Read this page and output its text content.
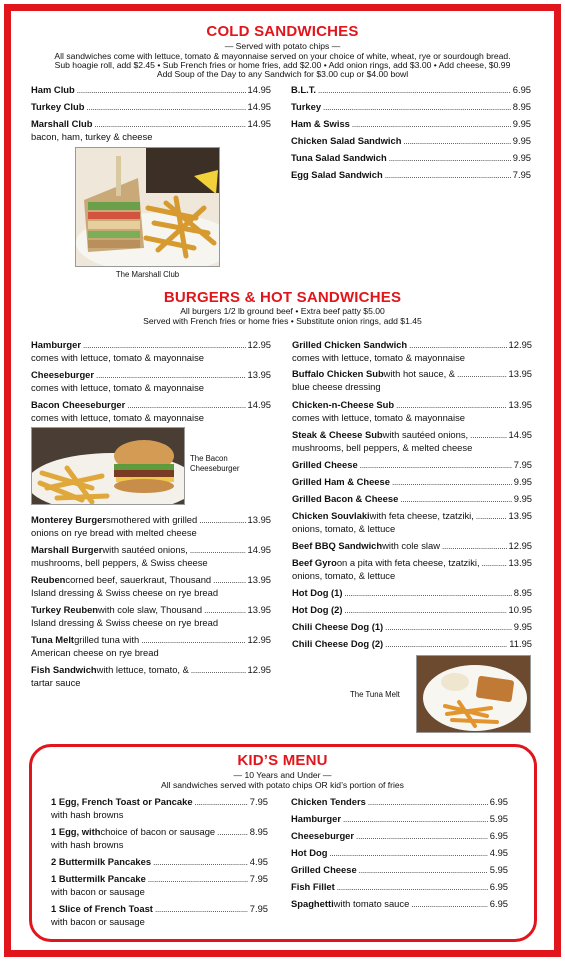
COLD SANDWICHES
— Served with potato chips —
All sandwiches come with lettuce, tomato & mayonnaise served on your choice of white, wheat, rye or sourdough bread.
Sub hoagie roll, add $2.45 • Sub French fries or home fries, add $2.00 • Add onion rings, add $3.00 • Add cheese, $0.99
Add Soup of the Day to any Sandwich for $3.00 cup or $4.00 bowl
Ham Club . . .	14.95
Turkey Club . . .	14.95
Marshall Club . . .	14.95
bacon, ham, turkey & cheese
The Marshall Club
B.L.T. . . .	6.95
Turkey . . .	8.95
Ham & Swiss . . .	9.95
Chicken Salad Sandwich . . .	9.95
Tuna Salad Sandwich . . .	9.95
Egg Salad Sandwich . . .	7.95
BURGERS & HOT SANDWICHES
All burgers 1/2 lb ground beef • Extra beef patty $5.00
Served with French fries or home fries • Substitute onion rings, add $1.45
Hamburger . . .	12.95
comes with lettuce, tomato & mayonnaise
Cheeseburger . . .	13.95
comes with lettuce, tomato & mayonnaise
Bacon Cheeseburger . . .	14.95
comes with lettuce, tomato & mayonnaise
The Bacon
Cheeseburger
Monterey Burger smothered with grilled . . .	13.95
onions on rye bread with melted cheese
Marshall Burger with sautéed onions, . . .	14.95
mushrooms, bell peppers, & Swiss cheese
Reuben corned beef, sauerkraut, Thousand . . .	13.95
Island dressing & Swiss cheese on rye bread
Turkey Reuben with cole slaw, Thousand . . .	13.95
Island dressing & Swiss cheese on rye bread
Tuna Melt grilled tuna with . . .	12.95
American cheese on rye bread
Fish Sandwich with lettuce, tomato, & . . .	12.95
tartar sauce
Grilled Chicken Sandwich . . .	12.95
comes with lettuce, tomato & mayonnaise
Buffalo Chicken Sub with hot sauce, & . . .	13.95
blue cheese dressing
Chicken-n-Cheese Sub . . .	13.95
comes with lettuce, tomato & mayonnaise
Steak & Cheese Sub with sautéed onions, . . .	14.95
mushrooms, bell peppers, & melted cheese
Grilled Cheese . . .	7.95
Grilled Ham & Cheese . . .	9.95
Grilled Bacon & Cheese . . .	9.95
Chicken Souvlaki with feta cheese, tzatziki, . . .	13.95
onions, tomato, & lettuce
Beef BBQ Sandwich with cole slaw . . .	12.95
Beef Gyro on a pita with feta cheese, tzatziki, . . .	13.95
onions, tomato, & lettuce
Hot Dog (1) . . .	8.95
Hot Dog (2) . . .	10.95
Chili Cheese Dog (1) . . .	9.95
Chili Cheese Dog (2) . . .	11.95
The Tuna Melt
KID’S MENU
— 10 Years and Under —
All sandwiches served with potato chips OR kid’s portion of fries
1 Egg, French Toast or Pancake . . .	7.95
with hash browns
1 Egg, with choice of bacon or sausage . . .	8.95
with hash browns
2 Buttermilk Pancakes . . .	4.95
1 Buttermilk Pancake . . .	7.95
with bacon or sausage
1 Slice of French Toast . . .	7.95
with bacon or sausage
Chicken Tenders . . .	6.95
Hamburger . . .	5.95
Cheeseburger . . .	6.95
Hot Dog . . .	4.95
Grilled Cheese . . .	5.95
Fish Fillet . . .	6.95
Spaghetti with tomato sauce . . .	6.95
